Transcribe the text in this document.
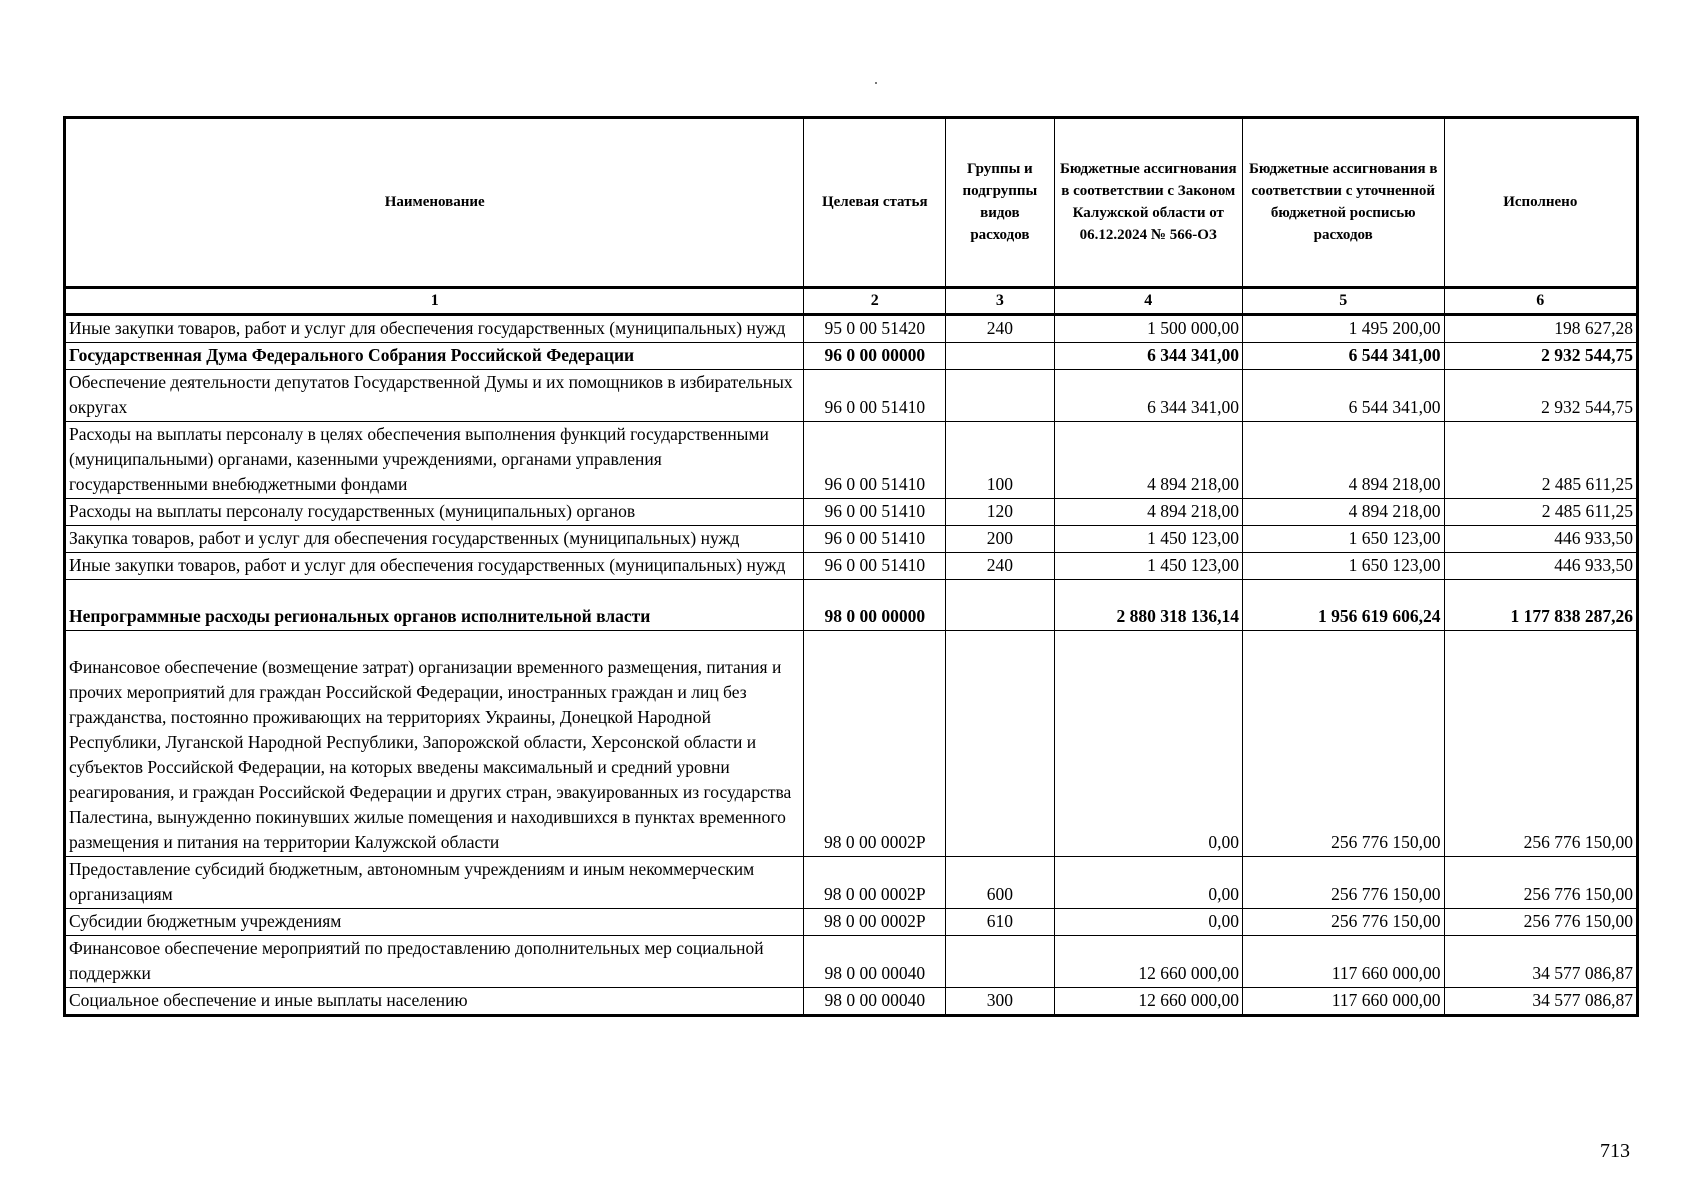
Наименование	Целевая статья	Группы и подгруппы видов расходов	Бюджетные ассигнования в соответствии с Законом Калужской области от 06.12.2024 № 566-ОЗ	Бюджетные ассигнования в соответствии с уточненной бюджетной росписью расходов	Исполнено
1	2	3	4	5	6
Иные закупки товаров, работ и услуг для обеспечения государственных (муниципальных) нужд	95 0 00 51420	240	1 500 000,00	1 495 200,00	198 627,28
Государственная Дума Федерального Собрания Российской Федерации	96 0 00 00000		6 344 341,00	6 544 341,00	2 932 544,75
Обеспечение деятельности депутатов Государственной Думы и их помощников в избирательных округах	96 0 00 51410		6 344 341,00	6 544 341,00	2 932 544,75
Расходы на выплаты персоналу в целях обеспечения выполнения функций государственными (муниципальными) органами, казенными учреждениями, органами управления государственными внебюджетными фондами	96 0 00 51410	100	4 894 218,00	4 894 218,00	2 485 611,25
Расходы на выплаты персоналу государственных (муниципальных) органов	96 0 00 51410	120	4 894 218,00	4 894 218,00	2 485 611,25
Закупка товаров, работ и услуг для обеспечения государственных (муниципальных) нужд	96 0 00 51410	200	1 450 123,00	1 650 123,00	446 933,50
Иные закупки товаров, работ и услуг для обеспечения государственных (муниципальных) нужд	96 0 00 51410	240	1 450 123,00	1 650 123,00	446 933,50
Непрограммные расходы региональных органов исполнительной власти	98 0 00 00000		2 880 318 136,14	1 956 619 606,24	1 177 838 287,26
Финансовое обеспечение (возмещение затрат) организации временного размещения, питания и прочих мероприятий для граждан Российской Федерации, иностранных граждан и лиц без гражданства, постоянно проживающих на территориях Украины, Донецкой Народной Республики, Луганской Народной Республики, Запорожской области, Херсонской области и субъектов Российской Федерации, на которых введены максимальный и средний уровни реагирования, и граждан Российской Федерации и других стран, эвакуированных из государства Палестина, вынужденно покинувших жилые помещения и находившихся в пунктах временного размещения и питания на территории Калужской области	98 0 00 0002Р		0,00	256 776 150,00	256 776 150,00
Предоставление субсидий бюджетным, автономным учреждениям и иным некоммерческим организациям	98 0 00 0002Р	600	0,00	256 776 150,00	256 776 150,00
Субсидии бюджетным учреждениям	98 0 00 0002Р	610	0,00	256 776 150,00	256 776 150,00
Финансовое обеспечение мероприятий по предоставлению дополнительных мер социальной поддержки	98 0 00 00040		12 660 000,00	117 660 000,00	34 577 086,87
Социальное обеспечение и иные выплаты населению	98 0 00 00040	300	12 660 000,00	117 660 000,00	34 577 086,87
713
